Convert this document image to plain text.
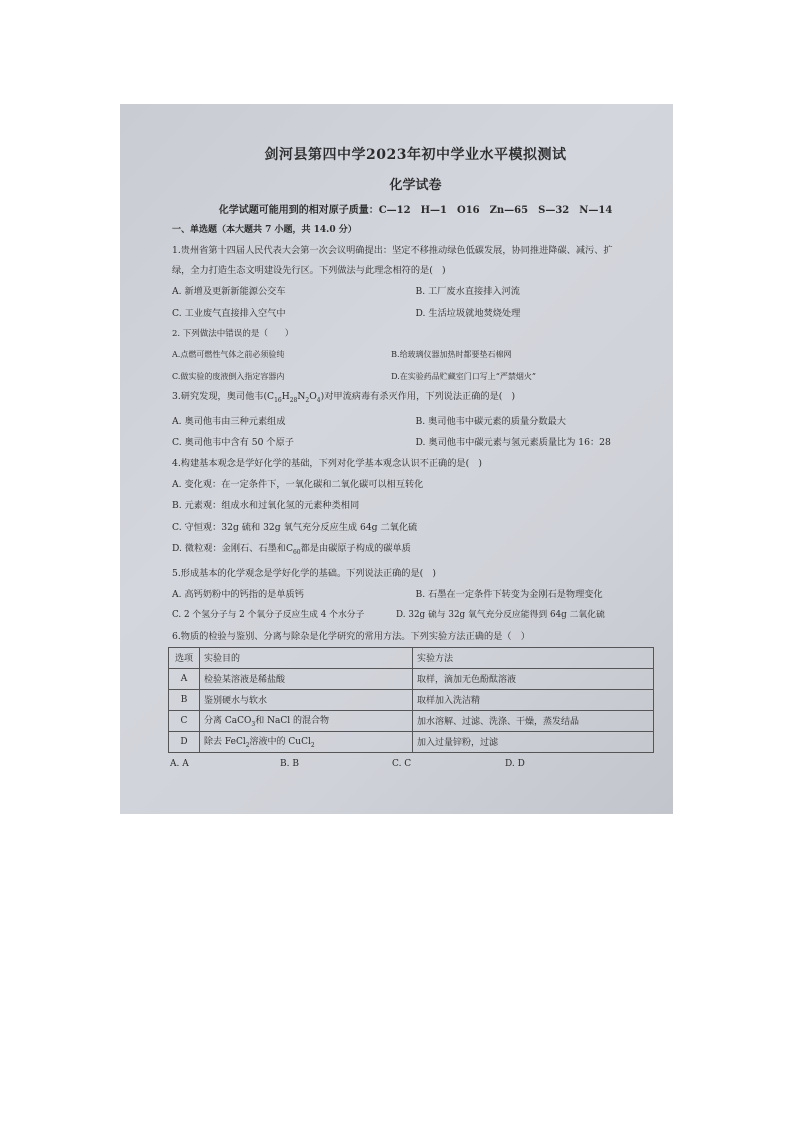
剑河县第四中学2023年初中学业水平模拟测试
化学试卷
化学试题可能用到的相对原子质量：C—12　H—1　O16　Zn—65　S—32　N—14
一、单选题（本大题共 7 小题，共 14.0 分）
1.贵州省第十四届人民代表大会第一次会议明确提出：坚定不移推动绿色低碳发展，协同推进降碳、减污、扩
绿，全力打造生态文明建设先行区。下列做法与此理念相符的是(　)
A. 新增及更新新能源公交车	B. 工厂废水直接排入河流
C. 工业废气直接排入空气中	D. 生活垃圾就地焚烧处理
2. 下列做法中错误的是（　　）
A.点燃可燃性气体之前必须验纯	B.给玻璃仪器加热时都要垫石棉网
C.做实验的废液倒入指定容器内	D.在实验药品贮藏室门口写上“严禁烟火”
3.研究发现，奥司他韦$(C_{16}H_{28}N_2O_4)$对甲流病毒有杀灭作用，下列说法正确的是(　)
A. 奥司他韦由三种元素组成	B. 奥司他韦中碳元素的质量分数最大
C. 奥司他韦中含有 50 个原子	D. 奥司他韦中碳元素与氢元素质量比为 16：28
4.构建基本观念是学好化学的基础，下列对化学基本观念认识不正确的是(　)
A. 变化观：在一定条件下，一氧化碳和二氧化碳可以相互转化
B. 元素观：组成水和过氧化氢的元素种类相同
C. 守恒观：32g 硫和 32g 氧气充分反应生成 64g 二氧化硫
D. 微粒观：金刚石、石墨和$C_{60}$都是由碳原子构成的碳单质
5.形成基本的化学观念是学好化学的基础。下列说法正确的是(　)
A. 高钙奶粉中的钙指的是单质钙	B. 石墨在一定条件下转变为金刚石是物理变化
C. 2 个氢分子与 2 个氧分子反应生成 4 个水分子	D. 32g 硫与 32g 氧气充分反应能得到 64g 二氧化硫
6.物质的检验与鉴别、分离与除杂是化学研究的常用方法。下列实验方法正确的是（　）
选项	实验目的	实验方法
A	检验某溶液是稀盐酸	取样，滴加无色酚酞溶液
B	鉴别硬水与软水	取样加入洗洁精
C	分离 CaCO$_3$和 NaCl 的混合物	加水溶解、过滤、洗涤、干燥，蒸发结晶
D	除去 FeCl$_2$溶液中的 CuCl$_2$	加入过量锌粉，过滤
A. A	B. B	C. C	D. D
